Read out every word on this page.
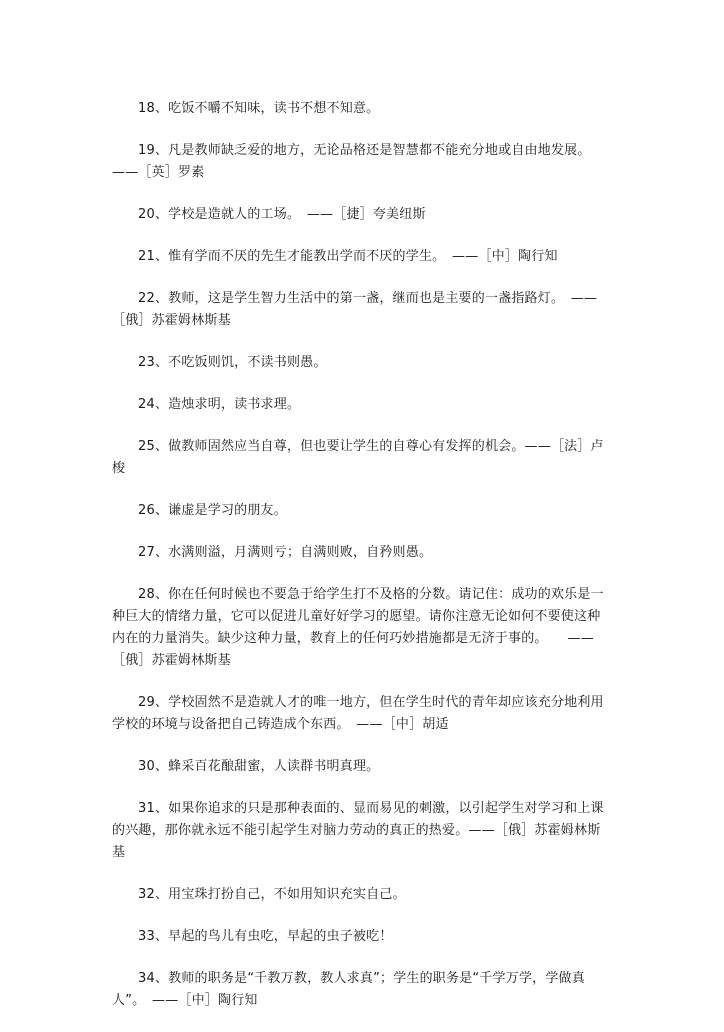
18、吃饭不嚼不知味，读书不想不知意。

19、凡是教师缺乏爱的地方，无论品格还是智慧都不能充分地或自由地发展。　　——［英］罗素

20、学校是造就人的工场。　——［捷］夸美纽斯

21、惟有学而不厌的先生才能教出学而不厌的学生。　——［中］陶行知

22、教师，这是学生智力生活中的第一盏，继而也是主要的一盏指路灯。　——［俄］苏霍姆林斯基

23、不吃饭则饥，不读书则愚。

24、造烛求明，读书求理。

25、做教师固然应当自尊，但也要让学生的自尊心有发挥的机会。——［法］卢梭

26、谦虚是学习的朋友。

27、水满则溢，月满则亏；自满则败，自矜则愚。

28、你在任何时候也不要急于给学生打不及格的分数。请记住：成功的欢乐是一种巨大的情绪力量，它可以促进儿童好好学习的愿望。请你注意无论如何不要使这种内在的力量消失。缺少这种力量，教育上的任何巧妙措施都是无济于事的。　　——［俄］苏霍姆林斯基

29、学校固然不是造就人才的唯一地方，但在学生时代的青年却应该充分地利用学校的环境与设备把自己铸造成个东西。　——［中］胡适

30、蜂采百花酿甜蜜，人读群书明真理。

31、如果你追求的只是那种表面的、显而易见的刺激，以引起学生对学习和上课的兴趣，那你就永远不能引起学生对脑力劳动的真正的热爱。——［俄］苏霍姆林斯基

32、用宝珠打扮自己，不如用知识充实自己。

33、早起的鸟儿有虫吃，早起的虫子被吃！

34、教师的职务是“千教万教，教人求真”；学生的职务是“千学万学，学做真人”。　——［中］陶行知
